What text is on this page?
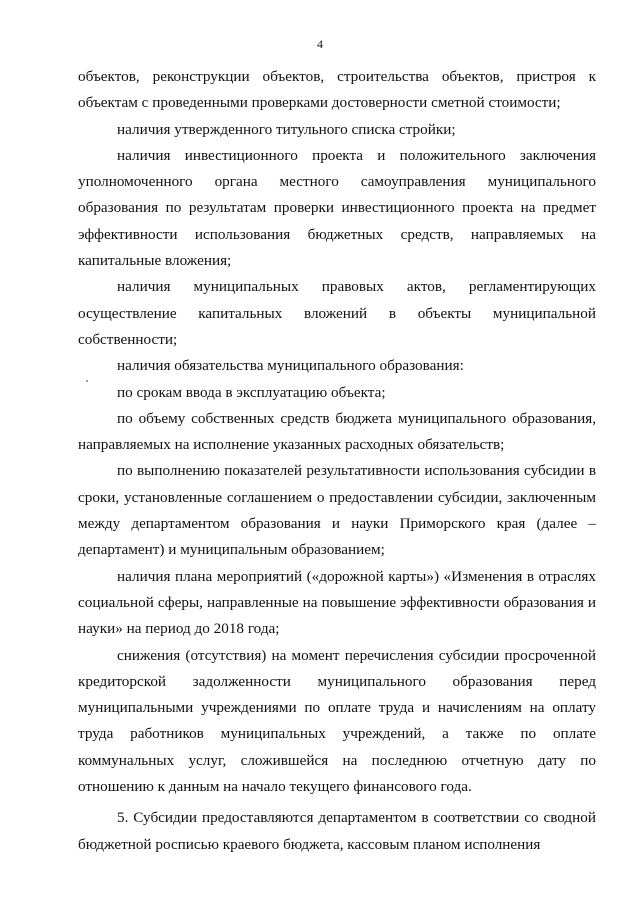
4

объектов, реконструкции объектов, строительства объектов, пристроя к объектам с проведенными проверками достоверности сметной стоимости;

наличия утвержденного титульного списка стройки;

наличия инвестиционного проекта и положительного заключения уполномоченного органа местного самоуправления муниципального образования по результатам проверки инвестиционного проекта на предмет эффективности использования бюджетных средств, направляемых на капитальные вложения;

наличия муниципальных правовых актов, регламентирующих осуществление капитальных вложений в объекты муниципальной собственности;

наличия обязательства муниципального образования:

по срокам ввода в эксплуатацию объекта;

по объему собственных средств бюджета муниципального образования, направляемых на исполнение указанных расходных обязательств;

по выполнению показателей результативности использования субсидии в сроки, установленные соглашением о предоставлении субсидии, заключенным между департаментом образования и науки Приморского края (далее – департамент) и муниципальным образованием;

наличия плана мероприятий («дорожной карты») «Изменения в отраслях социальной сферы, направленные на повышение эффективности образования и науки» на период до 2018 года;

снижения (отсутствия) на момент перечисления субсидии просроченной кредиторской задолженности муниципального образования перед муниципальными учреждениями по оплате труда и начислениям на оплату труда работников муниципальных учреждений, а также по оплате коммунальных услуг, сложившейся на последнюю отчетную дату по отношению к данным на начало текущего финансового года.

5. Субсидии предоставляются департаментом в соответствии со сводной бюджетной росписью краевого бюджета, кассовым планом исполнения
